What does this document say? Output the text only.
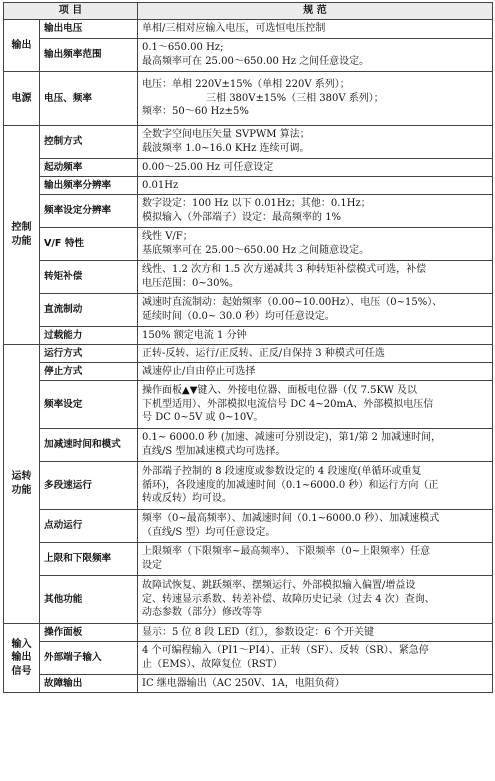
项 目		规 范
输出	输出电压	单相/三相对应输入电压，可选恒电压控制

	输出频率范围	0.1～650.00 Hz;
最高频率可在 25.00～650.00 Hz 之间任意设定。

电源	电压、频率	电压：单相 220V±15%（单相 220V 系列）；
三相 380V±15%（三相 380V 系列）；
频率：50～60 Hz±5%

控制功能	控制方式	全数字空间电压矢量 SVPWM 算法；
载波频率 1.0~16.0 KHz 连续可调。

	起动频率	0.00～25.00 Hz 可任意设定

	输出频率分辨率	0.01Hz

	频率设定分辨率	数字设定：100 Hz 以下 0.01Hz；其他：0.1Hz；
模拟输入（外部端子）设定：最高频率的 1%

	V/F 特性	线性 V/F；
基底频率可在 25.00～650.00 Hz 之间随意设定。

	转矩补偿	线性、1.2 次方和 1.5 次方递减共 3 种转矩补偿模式可选，补偿
电压范围：0~30%。

	直流制动	减速时直流制动：起始频率（0.00~10.00Hz）、电压（0~15%）、
延续时间（0.0~ 30.0 秒）均可任意设定。

	过载能力	150% 额定电流 1 分钟

运转功能	运行方式	正转-反转、运行/正反转、正反/自保持 3 种模式可任选

	停止方式	减速停止/自由停止可选择

	频率设定	操作面板▲▼键入、外接电位器、面板电位器（仅 7.5KW 及以
下机型适用）、外部模拟电流信号 DC 4~20mA、外部模拟电压信
号 DC 0~5V 或 0~10V。

	加减速时间和模式	0.1~ 6000.0 秒 (加速、减速可分别设定)，第1/第 2 加减速时间，
直线/S 型加减速模式均可选择。

	多段速运行	外部端子控制的 8 段速度或参数设定的 4 段速度(单循环或重复
循环)，各段速度的加减速时间（0.1~6000.0 秒）和运行方向（正
转或反转）均可设。

	点动运行	频率（0~最高频率）、加减速时间（0.1~6000.0 秒）、加减速模式
（直线/S 型）均可任意设定。

	上限和下限频率	上限频率（下限频率~最高频率）、下限频率（0~上限频率）任意
设定

	其他功能	故障试恢复、跳跃频率、摆频运行、外部模拟输入偏置/增益设
定、转速显示系数、转差补偿、故障历史记录（过去 4 次）查询、
动态参数（部分）修改等等

输入输出信号	操作面板	显示：5 位 8 段 LED（红），参数设定：6 个开关键

	外部端子输入	4 个可编程输入（PI1～PI4）、正转（SF）、反转（SR）、紧急停
止（EMS）、故障复位（RST）

	故障输出	IC 继电器输出（AC 250V、1A，电阻负荷）
